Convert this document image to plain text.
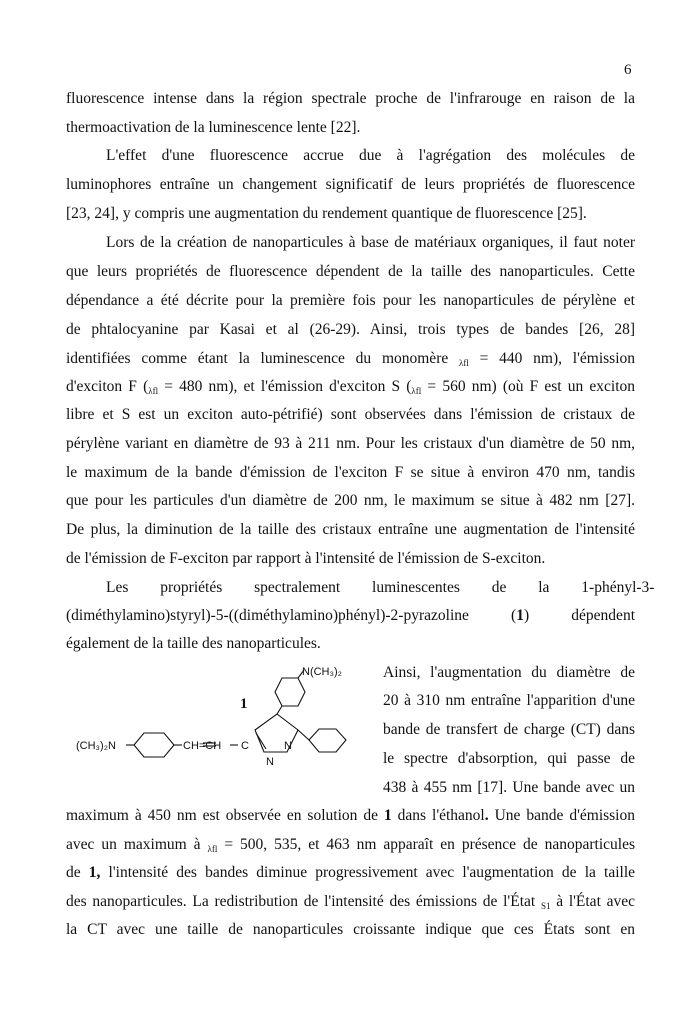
6
fluorescence intense dans la région spectrale proche de l'infrarouge en raison de la
thermoactivation de la luminescence lente [22].
L'effet d'une fluorescence accrue due à l'agrégation des molécules de
luminophores entraîne un changement significatif de leurs propriétés de fluorescence
[23, 24], y compris une augmentation du rendement quantique de fluorescence [25].
Lors de la création de nanoparticules à base de matériaux organiques, il faut noter
que leurs propriétés de fluorescence dépendent de la taille des nanoparticules. Cette
dépendance a été décrite pour la première fois pour les nanoparticules de pérylène et
de phtalocyanine par Kasai et al (26-29). Ainsi, trois types de bandes [26, 28]
identifiées comme étant la luminescence du monomère λfl = 440 nm), l'émission
d'exciton F (λfl = 480 nm), et l'émission d'exciton S (λfl = 560 nm) (où F est un exciton
libre et S est un exciton auto-pétrifié) sont observées dans l'émission de cristaux de
pérylène variant en diamètre de 93 à 211 nm. Pour les cristaux d'un diamètre de 50 nm,
le maximum de la bande d'émission de l'exciton F se situe à environ 470 nm, tandis
que pour les particules d'un diamètre de 200 nm, le maximum se situe à 482 nm [27].
De plus, la diminution de la taille des cristaux entraîne une augmentation de l'intensité
de l'émission de F-exciton par rapport à l'intensité de l'émission de S-exciton.
Les propriétés spectralement luminescentes de la 1-phényl-3-
(diméthylamino)styryl)-5-((diméthylamino)phényl)-2-pyrazoline (1) dépendent
également de la taille des nanoparticules.
Ainsi, l'augmentation du diamètre de
20 à 310 nm entraîne l'apparition d'une
bande de transfert de charge (CT) dans
le spectre d'absorption, qui passe de
438 à 455 nm [17]. Une bande avec un
1
(CH₃)₂N	CH=CH C
N
N
N(CH₃)₂
maximum à 450 nm est observée en solution de 1 dans l'éthanol. Une bande d'émission
avec un maximum à λfl = 500, 535, et 463 nm apparaît en présence de nanoparticules
de 1, l'intensité des bandes diminue progressivement avec l'augmentation de la taille
des nanoparticules. La redistribution de l'intensité des émissions de l'État S1 à l'État avec
la CT avec une taille de nanoparticules croissante indique que ces États sont en
